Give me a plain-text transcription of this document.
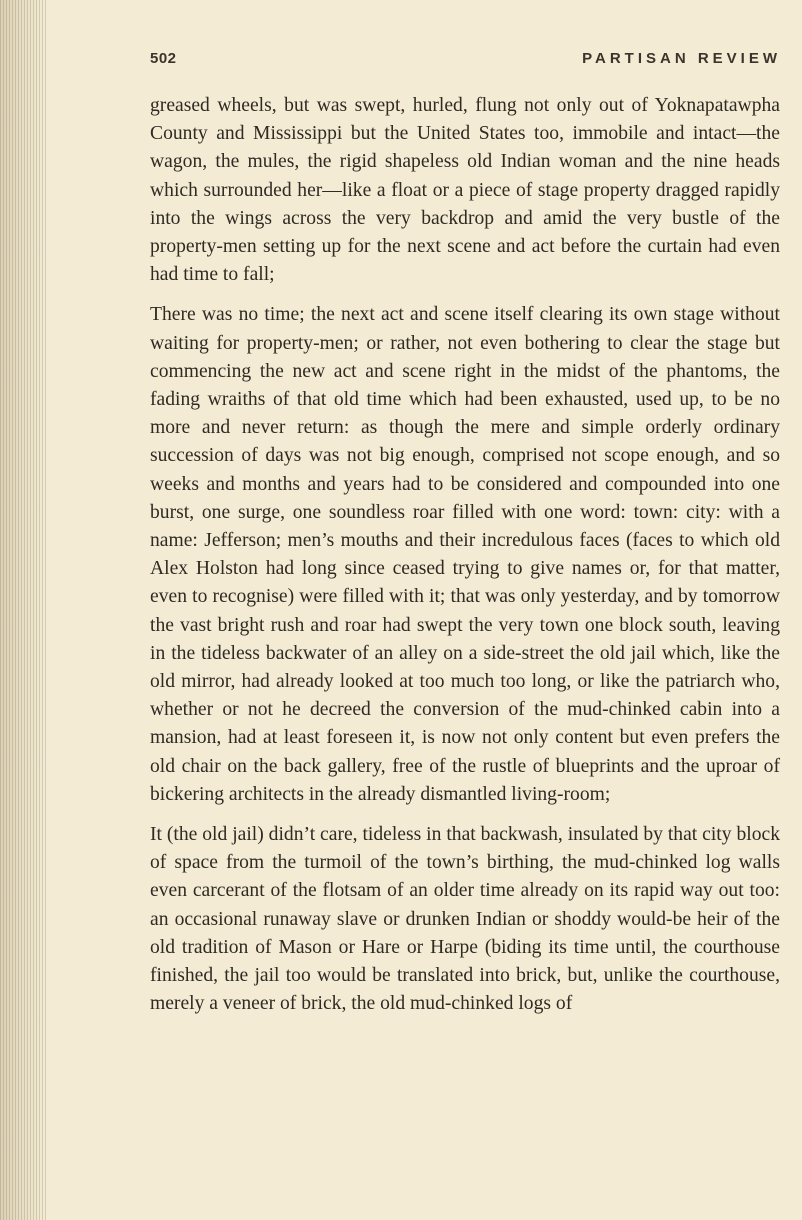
502	PARTISAN REVIEW

greased wheels, but was swept, hurled, flung not only out of Yoknapatawpha County and Mississippi but the United States too, immobile and intact—the wagon, the mules, the rigid shapeless old Indian woman and the nine heads which surrounded her—like a float or a piece of stage property dragged rapidly into the wings across the very backdrop and amid the very bustle of the property-men setting up for the next scene and act before the curtain had even had time to fall;

There was no time; the next act and scene itself clearing its own stage without waiting for property-men; or rather, not even bothering to clear the stage but commencing the new act and scene right in the midst of the phantoms, the fading wraiths of that old time which had been exhausted, used up, to be no more and never return: as though the mere and simple orderly ordinary succession of days was not big enough, comprised not scope enough, and so weeks and months and years had to be considered and compounded into one burst, one surge, one soundless roar filled with one word: town: city: with a name: Jefferson; men’s mouths and their incredulous faces (faces to which old Alex Holston had long since ceased trying to give names or, for that matter, even to recognise) were filled with it; that was only yesterday, and by tomorrow the vast bright rush and roar had swept the very town one block south, leaving in the tideless backwater of an alley on a side-street the old jail which, like the old mirror, had already looked at too much too long, or like the patriarch who, whether or not he decreed the conversion of the mud-chinked cabin into a mansion, had at least foreseen it, is now not only content but even prefers the old chair on the back gallery, free of the rustle of blueprints and the uproar of bickering architects in the already dismantled living-room;

It (the old jail) didn’t care, tideless in that backwash, insulated by that city block of space from the turmoil of the town’s birthing, the mud-chinked log walls even carcerant of the flotsam of an older time already on its rapid way out too: an occasional runaway slave or drunken Indian or shoddy would-be heir of the old tradition of Mason or Hare or Harpe (biding its time until, the courthouse finished, the jail too would be translated into brick, but, unlike the courthouse, merely a veneer of brick, the old mud-chinked logs of
